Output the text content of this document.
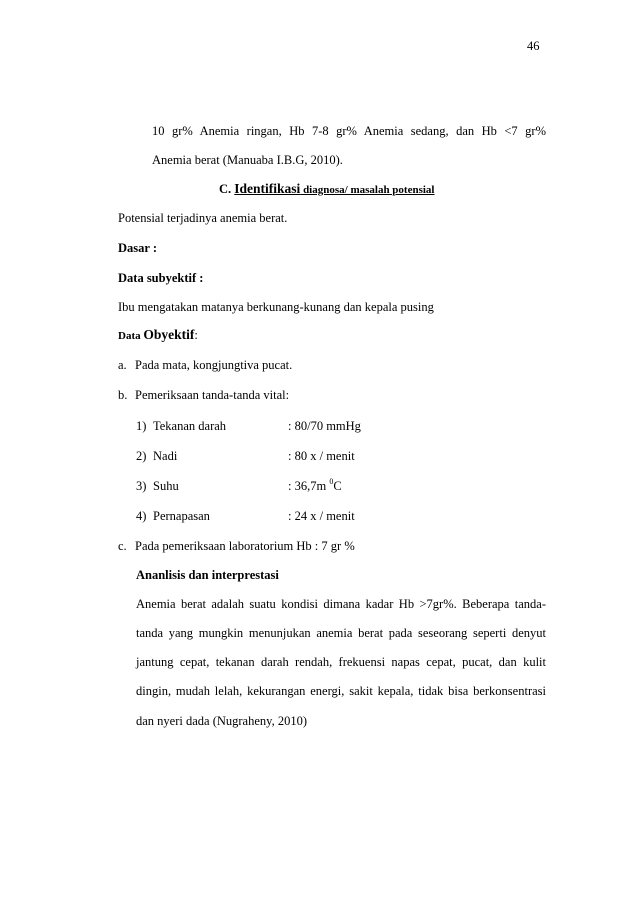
46
10 gr% Anemia ringan, Hb 7-8 gr% Anemia sedang, dan Hb <7 gr%
Anemia berat (Manuaba I.B.G, 2010).
C. Identifikasi diagnosa/ masalah potensial
Potensial terjadinya anemia berat.
Dasar :
Data subyektif :
Ibu mengatakan matanya berkunang-kunang dan kepala pusing
Data Obyektif:
a. Pada mata, kongjungtiva pucat.
b. Pemeriksaan tanda-tanda vital:
1) Tekanan darah	: 80/70 mmHg
2) Nadi	: 80 x / menit
3) Suhu	: 36,7m $^0$C
4) Pernapasan	: 24 x / menit
c. Pada pemeriksaan laboratorium Hb : 7 gr %
Ananlisis dan interprestasi
Anemia berat adalah suatu kondisi dimana kadar Hb >7gr%. Beberapa tanda-
tanda yang mungkin menunjukan anemia berat pada seseorang seperti denyut
jantung cepat, tekanan darah rendah, frekuensi napas cepat, pucat, dan kulit
dingin, mudah lelah, kekurangan energi, sakit kepala, tidak bisa berkonsentrasi
dan nyeri dada (Nugraheny, 2010)
